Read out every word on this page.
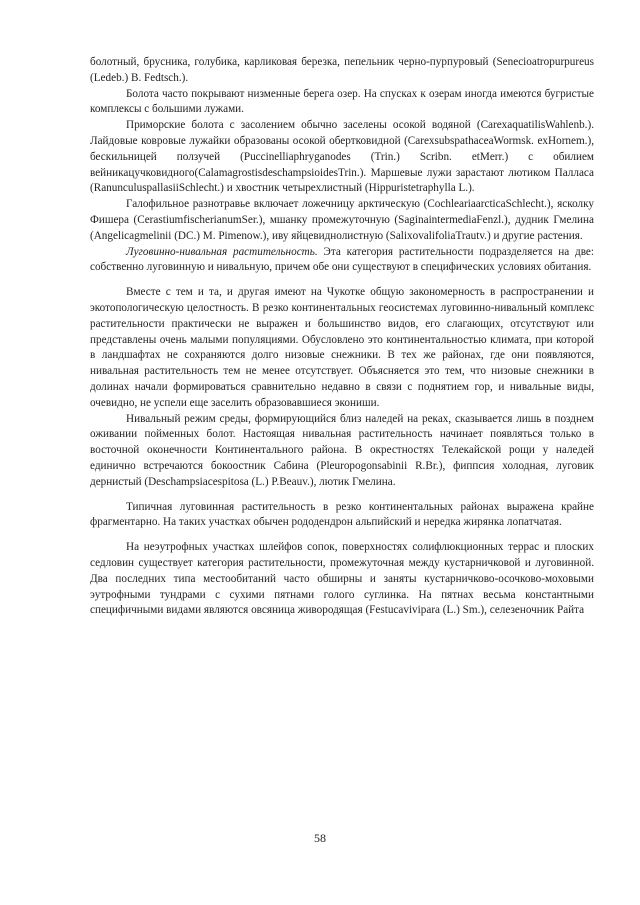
болотный, брусника, голубика, карликовая березка, пепельник черно-пурпуровый (Senecioatropurpureus (Ledeb.) B. Fedtsch.).

Болота часто покрывают низменные берега озер. На спусках к озерам иногда имеются бугристые комплексы с большими лужами.

Приморские болота с засолением обычно заселены осокой водяной (CarexaquatilisWahlenb.). Лайдовые ковровые лужайки образованы осокой обертковидной (CarexsubspathaceaWormsk. exHornem.), бескильницей ползучей (Puccinelliaphryganodes (Trin.) Scribn. etMerr.) с обилием вейникацучковидного(CalamagrostisdeschampsioidesTrin.). Маршевые лужи зарастают лютиком Палласа (RanunculuspallasiiSchlecht.) и хвостник четырехлистный (Hippuristetraphylla L.).

Галофильное разнотравье включает ложечницу арктическую (CochleariaarcticaSchlecht.), ясколку Фишера (CerastiumfischerianumSer.), мшанку промежуточную (SaginaintermediaFenzl.), дудник Гмелина (Angelicagmelinii (DC.) M. Pimenow.), иву яйцевиднолистную (SalixovalifoliaTrautv.) и другие растения.

Луговинно-нивальная растительность. Эта категория растительности подразделяется на две: собственно луговинную и нивальную, причем обе они существуют в специфических условиях обитания.

Вместе с тем и та, и другая имеют на Чукотке общую закономерность в распространении и экотопологическую целостность. В резко континентальных геосистемах луговинно-нивальный комплекс растительности практически не выражен и большинство видов, его слагающих, отсутствуют или представлены очень малыми популяциями. Обусловлено это континентальностью климата, при которой в ландшафтах не сохраняются долго низовые снежники. В тех же районах, где они появляются, нивальная растительность тем не менее отсутствует. Объясняется это тем, что низовые снежники в долинах начали формироваться сравнительно недавно в связи с поднятием гор, и нивальные виды, очевидно, не успели еще заселить образовавшиеся экониши.

Нивальный режим среды, формирующийся близ наледей на реках, сказывается лишь в позднем оживании пойменных болот. Настоящая нивальная растительность начинает появляться только в восточной оконечности Континентального района. В окрестностях Телекайской рощи у наледей единично встречаются бокоостник Сабина (Pleuropogonsabinii R.Br.), фиппсия холодная, луговик дернистый (Deschampsiacespitosa (L.) P.Beauv.), лютик Гмелина.

Типичная луговинная растительность в резко континентальных районах выражена крайне фрагментарно. На таких участках обычен рододендрон альпийский и нередка жирянка лопатчатая.

На неэутрофных участках шлейфов сопок, поверхностях солифлюкционных террас и плоских седловин существует категория растительности, промежуточная между кустарничковой и луговинной. Два последних типа местообитаний часто обширны и заняты кустарничково-осочково-моховыми эутрофными тундрами с сухими пятнами голого суглинка. На пятнах весьма константными специфичными видами являются овсяница живородящая (Festucavivipara (L.) Sm.), селезеночник Райта

58
